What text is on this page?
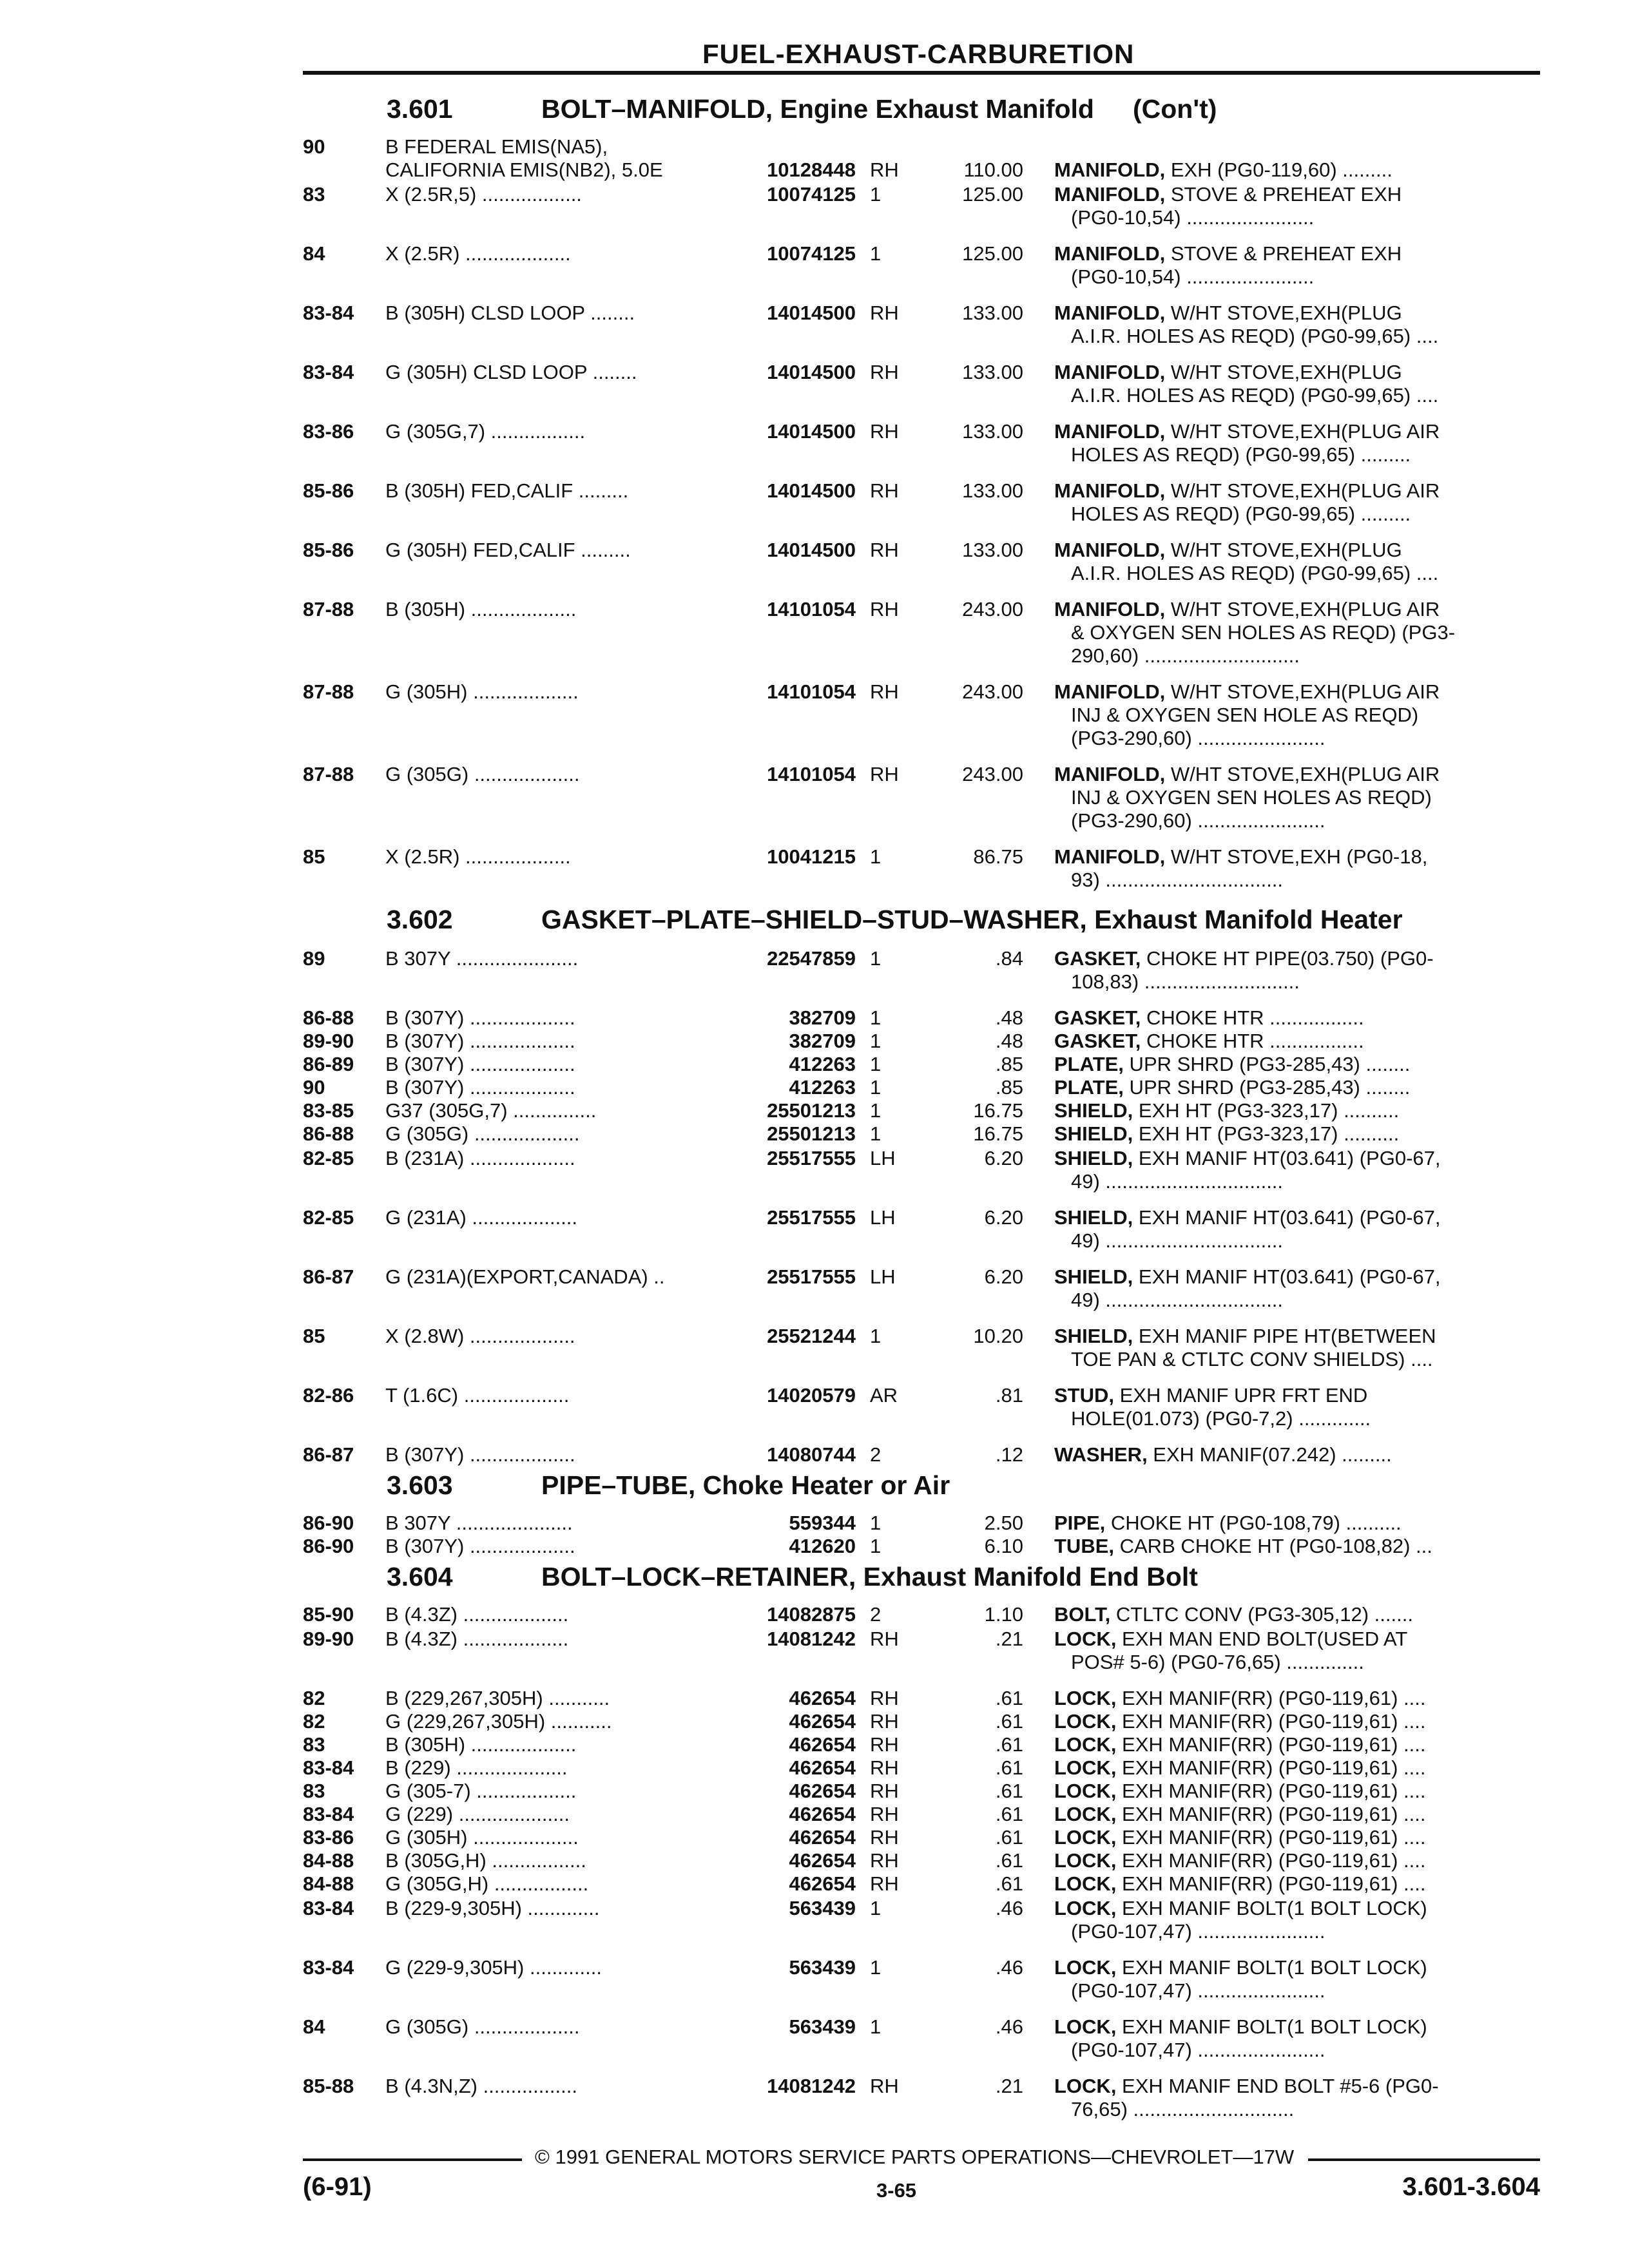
FUEL-EXHAUST-CARBURETION
3.601	BOLT–MANIFOLD, Engine Exhaust Manifold (Con't)
90	B FEDERAL EMIS(NA5),
CALIFORNIA EMIS(NB2), 5.0E	10128448 RH	110.00 MANIFOLD, EXH (PG0-119,60) .........
83	X (2.5R,5) ..................	10074125 1	125.00 MANIFOLD, STOVE & PREHEAT EXH
(PG0-10,54) .......................
84	X (2.5R) ...................	10074125 1	125.00 MANIFOLD, STOVE & PREHEAT EXH
(PG0-10,54) .......................
83-84	B (305H) CLSD LOOP ........	14014500 RH	133.00 MANIFOLD, W/HT STOVE,EXH(PLUG
A.I.R. HOLES AS REQD) (PG0-99,65) ....
83-84	G (305H) CLSD LOOP ........	14014500 RH	133.00 MANIFOLD, W/HT STOVE,EXH(PLUG
A.I.R. HOLES AS REQD) (PG0-99,65) ....
83-86	G (305G,7) .................	14014500 RH	133.00 MANIFOLD, W/HT STOVE,EXH(PLUG AIR
HOLES AS REQD) (PG0-99,65) .........
85-86	B (305H) FED,CALIF .........	14014500 RH	133.00 MANIFOLD, W/HT STOVE,EXH(PLUG AIR
HOLES AS REQD) (PG0-99,65) .........
85-86	G (305H) FED,CALIF .........	14014500 RH	133.00 MANIFOLD, W/HT STOVE,EXH(PLUG
A.I.R. HOLES AS REQD) (PG0-99,65) ....
87-88	B (305H) ...................	14101054 RH	243.00 MANIFOLD, W/HT STOVE,EXH(PLUG AIR
& OXYGEN SEN HOLES AS REQD) (PG3-
290,60) ............................
87-88	G (305H) ...................	14101054 RH	243.00 MANIFOLD, W/HT STOVE,EXH(PLUG AIR
INJ & OXYGEN SEN HOLE AS REQD)
(PG3-290,60) .......................
87-88	G (305G) ...................	14101054 RH	243.00 MANIFOLD, W/HT STOVE,EXH(PLUG AIR
INJ & OXYGEN SEN HOLES AS REQD)
(PG3-290,60) .......................
85	X (2.5R) ...................	10041215 1	86.75 MANIFOLD, W/HT STOVE,EXH (PG0-18,
93) ................................
3.602	GASKET–PLATE–SHIELD–STUD–WASHER, Exhaust Manifold Heater
89	B 307Y ......................	22547859 1	.84 GASKET, CHOKE HT PIPE(03.750) (PG0-
108,83) ............................
86-88	B (307Y) ...................	382709 1	.48 GASKET, CHOKE HTR .................
89-90	B (307Y) ...................	382709 1	.48 GASKET, CHOKE HTR .................
86-89	B (307Y) ...................	412263 1	.85 PLATE, UPR SHRD (PG3-285,43) ........
90	B (307Y) ...................	412263 1	.85 PLATE, UPR SHRD (PG3-285,43) ........
83-85	G37 (305G,7) ...............	25501213 1	16.75 SHIELD, EXH HT (PG3-323,17) ..........
86-88	G (305G) ...................	25501213 1	16.75 SHIELD, EXH HT (PG3-323,17) ..........
82-85	B (231A) ...................	25517555 LH	6.20 SHIELD, EXH MANIF HT(03.641) (PG0-67,
49) ................................
82-85	G (231A) ...................	25517555 LH	6.20 SHIELD, EXH MANIF HT(03.641) (PG0-67,
49) ................................
86-87	G (231A)(EXPORT,CANADA) ..	25517555 LH	6.20 SHIELD, EXH MANIF HT(03.641) (PG0-67,
49) ................................
85	X (2.8W) ...................	25521244 1	10.20 SHIELD, EXH MANIF PIPE HT(BETWEEN
TOE PAN & CTLTC CONV SHIELDS) ....
82-86	T (1.6C) ...................	14020579 AR	.81 STUD, EXH MANIF UPR FRT END
HOLE(01.073) (PG0-7,2) .............
86-87	B (307Y) ...................	14080744 2	.12 WASHER, EXH MANIF(07.242) .........
3.603	PIPE–TUBE, Choke Heater or Air
86-90	B 307Y .....................	559344 1	2.50 PIPE, CHOKE HT (PG0-108,79) ..........
86-90	B (307Y) ...................	412620 1	6.10 TUBE, CARB CHOKE HT (PG0-108,82) ...
3.604	BOLT–LOCK–RETAINER, Exhaust Manifold End Bolt
85-90	B (4.3Z) ...................	14082875 2	1.10 BOLT, CTLTC CONV (PG3-305,12) .......
89-90	B (4.3Z) ...................	14081242 RH	.21 LOCK, EXH MAN END BOLT(USED AT
POS# 5-6) (PG0-76,65) ..............
82	B (229,267,305H) ...........	462654 RH	.61 LOCK, EXH MANIF(RR) (PG0-119,61) ....
82	G (229,267,305H) ...........	462654 RH	.61 LOCK, EXH MANIF(RR) (PG0-119,61) ....
83	B (305H) ...................	462654 RH	.61 LOCK, EXH MANIF(RR) (PG0-119,61) ....
83-84	B (229) ....................	462654 RH	.61 LOCK, EXH MANIF(RR) (PG0-119,61) ....
83	G (305-7) ..................	462654 RH	.61 LOCK, EXH MANIF(RR) (PG0-119,61) ....
83-84	G (229) ....................	462654 RH	.61 LOCK, EXH MANIF(RR) (PG0-119,61) ....
83-86	G (305H) ...................	462654 RH	.61 LOCK, EXH MANIF(RR) (PG0-119,61) ....
84-88	B (305G,H) .................	462654 RH	.61 LOCK, EXH MANIF(RR) (PG0-119,61) ....
84-88	G (305G,H) .................	462654 RH	.61 LOCK, EXH MANIF(RR) (PG0-119,61) ....
83-84	B (229-9,305H) .............	563439 1	.46 LOCK, EXH MANIF BOLT(1 BOLT LOCK)
(PG0-107,47) .......................
83-84	G (229-9,305H) .............	563439 1	.46 LOCK, EXH MANIF BOLT(1 BOLT LOCK)
(PG0-107,47) .......................
84	G (305G) ...................	563439 1	.46 LOCK, EXH MANIF BOLT(1 BOLT LOCK)
(PG0-107,47) .......................
85-88	B (4.3N,Z) .................	14081242 RH	.21 LOCK, EXH MANIF END BOLT #5-6 (PG0-
76,65) .............................
© 1991 GENERAL MOTORS SERVICE PARTS OPERATIONS—CHEVROLET—17W
(6-91)	3-65	3.601-3.604
